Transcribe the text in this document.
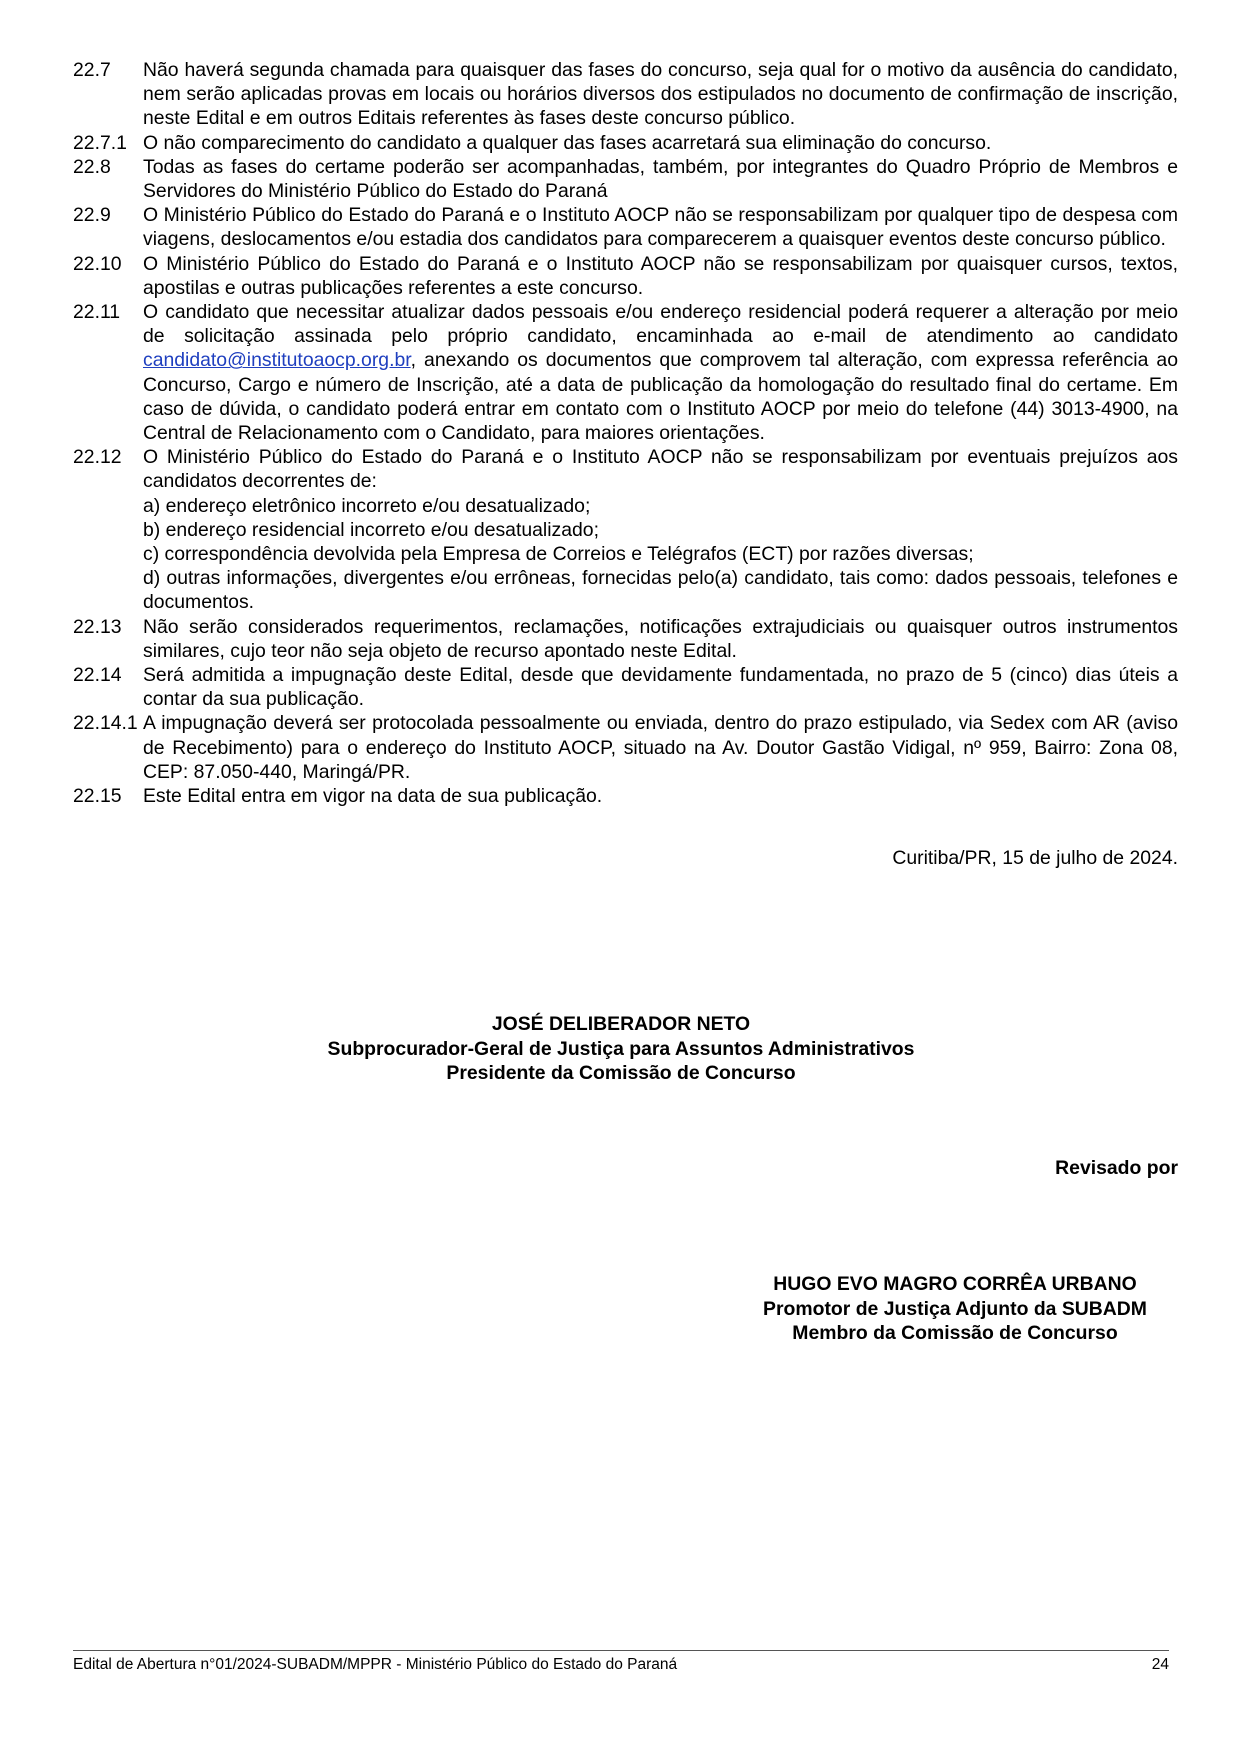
22.7	Não haverá segunda chamada para quaisquer das fases do concurso, seja qual for o motivo da ausência do candidato, nem serão aplicadas provas em locais ou horários diversos dos estipulados no documento de confirmação de inscrição, neste Edital e em outros Editais referentes às fases deste concurso público.
22.7.1 O não comparecimento do candidato a qualquer das fases acarretará sua eliminação do concurso.
22.8	Todas as fases do certame poderão ser acompanhadas, também, por integrantes do Quadro Próprio de Membros e Servidores do Ministério Público do Estado do Paraná
22.9	O Ministério Público do Estado do Paraná e o Instituto AOCP não se responsabilizam por qualquer tipo de despesa com viagens, deslocamentos e/ou estadia dos candidatos para comparecerem a quaisquer eventos deste concurso público.
22.10	O Ministério Público do Estado do Paraná e o Instituto AOCP não se responsabilizam por quaisquer cursos, textos, apostilas e outras publicações referentes a este concurso.
22.11	O candidato que necessitar atualizar dados pessoais e/ou endereço residencial poderá requerer a alteração por meio de solicitação assinada pelo próprio candidato, encaminhada ao e-mail de atendimento ao candidato candidato@institutoaocp.org.br, anexando os documentos que comprovem tal alteração, com expressa referência ao Concurso, Cargo e número de Inscrição, até a data de publicação da homologação do resultado final do certame. Em caso de dúvida, o candidato poderá entrar em contato com o Instituto AOCP por meio do telefone (44) 3013-4900, na Central de Relacionamento com o Candidato, para maiores orientações.
22.12	O Ministério Público do Estado do Paraná e o Instituto AOCP não se responsabilizam por eventuais prejuízos aos candidatos decorrentes de:
a) endereço eletrônico incorreto e/ou desatualizado;
b) endereço residencial incorreto e/ou desatualizado;
c) correspondência devolvida pela Empresa de Correios e Telégrafos (ECT) por razões diversas;
d) outras informações, divergentes e/ou errôneas, fornecidas pelo(a) candidato, tais como: dados pessoais, telefones e documentos.
22.13	Não serão considerados requerimentos, reclamações, notificações extrajudiciais ou quaisquer outros instrumentos similares, cujo teor não seja objeto de recurso apontado neste Edital.
22.14	Será admitida a impugnação deste Edital, desde que devidamente fundamentada, no prazo de 5 (cinco) dias úteis a contar da sua publicação.
22.14.1 A impugnação deverá ser protocolada pessoalmente ou enviada, dentro do prazo estipulado, via Sedex com AR (aviso de Recebimento) para o endereço do Instituto AOCP, situado na Av. Doutor Gastão Vidigal, nº 959, Bairro: Zona 08, CEP: 87.050-440, Maringá/PR.
22.15	Este Edital entra em vigor na data de sua publicação.
Curitiba/PR, 15 de julho de 2024.
JOSÉ DELIBERADOR NETO
Subprocurador-Geral de Justiça para Assuntos Administrativos
Presidente da Comissão de Concurso
Revisado por
HUGO EVO MAGRO CORRÊA URBANO
Promotor de Justiça Adjunto da SUBADM
Membro da Comissão de Concurso
Edital de Abertura n°01/2024-SUBADM/MPPR - Ministério Público do Estado do Paraná	24
